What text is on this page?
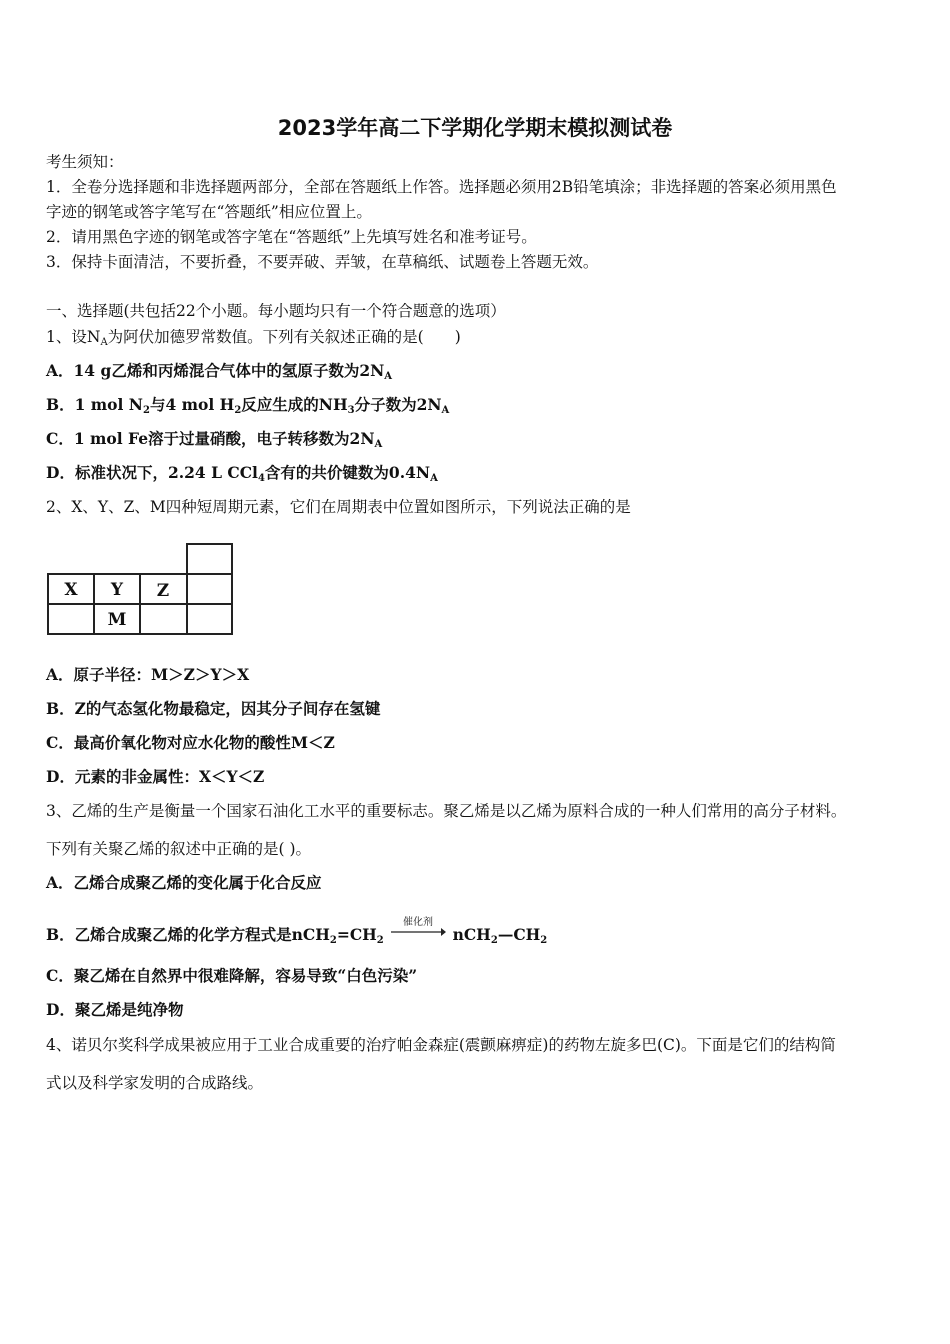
2023学年高二下学期化学期末模拟测试卷
考生须知：
1．全卷分选择题和非选择题两部分，全部在答题纸上作答。选择题必须用2B铅笔填涂；非选择题的答案必须用黑色
字迹的钢笔或答字笔写在“答题纸”相应位置上。
2．请用黑色字迹的钢笔或答字笔在“答题纸”上先填写姓名和准考证号。
3．保持卡面清洁，不要折叠，不要弄破、弄皱，在草稿纸、试题卷上答题无效。
一、选择题(共包括22个小题。每小题均只有一个符合题意的选项）
1、设$N_A$为阿伏加德罗常数值。下列有关叙述正确的是(　　)
A．14 g乙烯和丙烯混合气体中的氢原子数为$2N_A$
B．1 mol $N_2$与4 mol $H_2$反应生成的$NH_3$分子数为$2N_A$
C．1 mol Fe溶于过量硝酸，电子转移数为$2N_A$
D．标准状况下，2.24 L CCl$_4$含有的共价键数为$0.4N_A$
2、X、Y、Z、M四种短周期元素，它们在周期表中位置如图所示，下列说法正确的是
X Y Z
M
A．原子半径：M＞Z＞Y＞X
B．Z的气态氢化物最稳定，因其分子间存在氢键
C．最高价氧化物对应水化物的酸性M＜Z
D．元素的非金属性：X＜Y＜Z
3、乙烯的生产是衡量一个国家石油化工水平的重要标志。聚乙烯是以乙烯为原料合成的一种人们常用的高分子材料。
下列有关聚乙烯的叙述中正确的是( )。
A．乙烯合成聚乙烯的变化属于化合反应
B．乙烯合成聚乙烯的化学方程式是$nCH_2=CH_2$
催化剂
$nCH_2—CH_2$
C．聚乙烯在自然界中很难降解，容易导致“白色污染”
D．聚乙烯是纯净物
4、诺贝尔奖科学成果被应用于工业合成重要的治疗帕金森症(震颤麻痹症)的药物左旋多巴(C)。下面是它们的结构简
式以及科学家发明的合成路线。
